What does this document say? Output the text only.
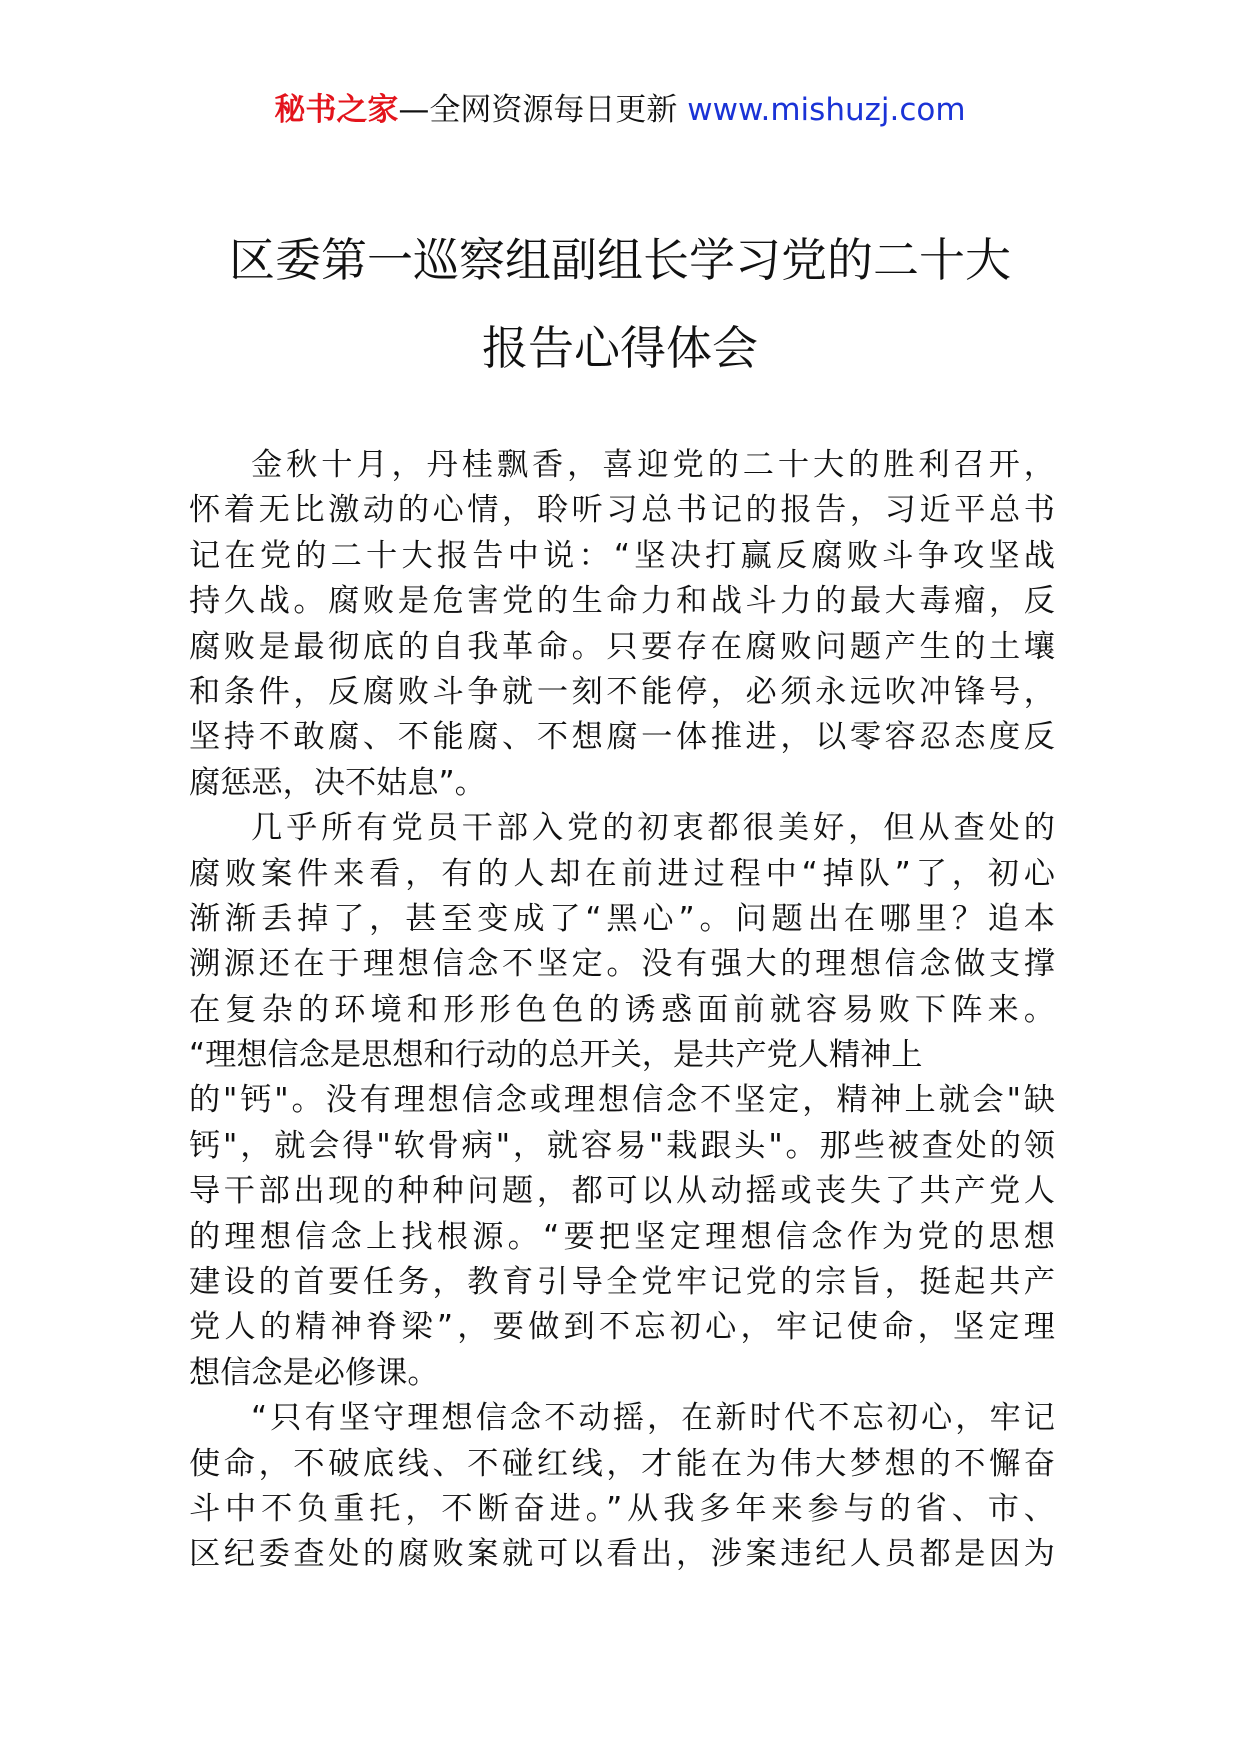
秘书之家—全网资源每日更新 www.mishuzj.com
区委第一巡察组副组长学习党的二十大
报告心得体会
金秋十月，丹桂飘香，喜迎党的二十大的胜利召开，
怀着无比激动的心情，聆听习总书记的报告，习近平总书
记在党的二十大报告中说：“坚决打赢反腐败斗争攻坚战
持久战。腐败是危害党的生命力和战斗力的最大毒瘤，反
腐败是最彻底的自我革命。只要存在腐败问题产生的土壤
和条件，反腐败斗争就一刻不能停，必须永远吹冲锋号，
坚持不敢腐、不能腐、不想腐一体推进，以零容忍态度反
腐惩恶，决不姑息”。
几乎所有党员干部入党的初衷都很美好，但从查处的
腐败案件来看，有的人却在前进过程中“掉队”了，初心
渐渐丢掉了，甚至变成了“黑心”。问题出在哪里？追本
溯源还在于理想信念不坚定。没有强大的理想信念做支撑
在复杂的环境和形形色色的诱惑面前就容易败下阵来。
“理想信念是思想和行动的总开关，是共产党人精神上
的"钙"。没有理想信念或理想信念不坚定，精神上就会"缺
钙"，就会得"软骨病"，就容易"栽跟头"。那些被查处的领
导干部出现的种种问题，都可以从动摇或丧失了共产党人
的理想信念上找根源。“要把坚定理想信念作为党的思想
建设的首要任务，教育引导全党牢记党的宗旨，挺起共产
党人的精神脊梁”，要做到不忘初心，牢记使命，坚定理
想信念是必修课。
“只有坚守理想信念不动摇，在新时代不忘初心，牢记
使命，不破底线、不碰红线，才能在为伟大梦想的不懈奋
斗中不负重托，不断奋进。”从我多年来参与的省、市、
区纪委查处的腐败案就可以看出，涉案违纪人员都是因为
